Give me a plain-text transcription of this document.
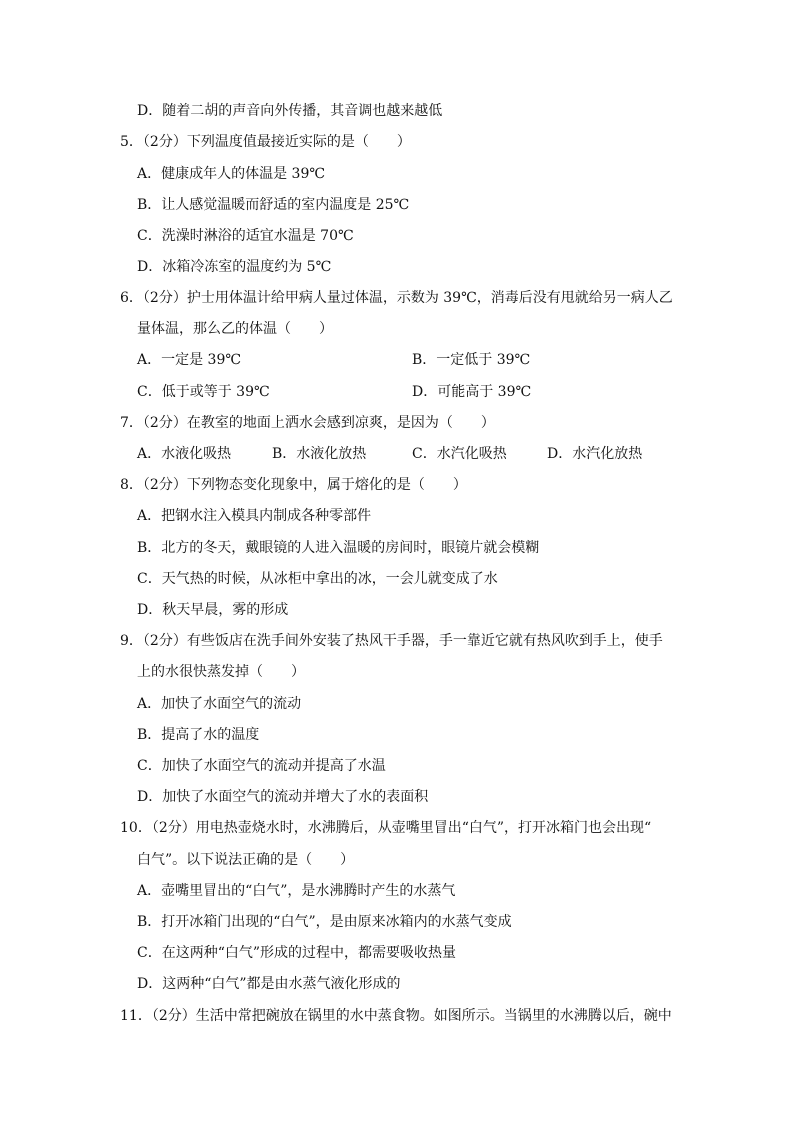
D．随着二胡的声音向外传播，其音调也越来越低
5．（2分）下列温度值最接近实际的是（　　）
A．健康成年人的体温是 39℃
B．让人感觉温暖而舒适的室内温度是 25℃
C．洗澡时淋浴的适宜水温是 70℃
D．冰箱冷冻室的温度约为 5℃
6．（2分）护士用体温计给甲病人量过体温，示数为 39℃，消毒后没有甩就给另一病人乙
量体温，那么乙的体温（　　）
A．一定是 39℃	B．一定低于 39℃
C．低于或等于 39℃	D．可能高于 39℃
7．（2分）在教室的地面上洒水会感到凉爽，是因为（　　）
A．水液化吸热	B．水液化放热	C．水汽化吸热	D．水汽化放热
8．（2分）下列物态变化现象中，属于熔化的是（　　）
A．把钢水注入模具内制成各种零部件
B．北方的冬天，戴眼镜的人进入温暖的房间时，眼镜片就会模糊
C．天气热的时候，从冰柜中拿出的冰，一会儿就变成了水
D．秋天早晨，雾的形成
9．（2分）有些饭店在洗手间外安装了热风干手器，手一靠近它就有热风吹到手上，使手
上的水很快蒸发掉（　　）
A．加快了水面空气的流动
B．提高了水的温度
C．加快了水面空气的流动并提高了水温
D．加快了水面空气的流动并增大了水的表面积
10．（2分）用电热壶烧水时，水沸腾后，从壶嘴里冒出“白气”，打开冰箱门也会出现“
白气”。以下说法正确的是（　　）
A．壶嘴里冒出的“白气”，是水沸腾时产生的水蒸气
B．打开冰箱门出现的“白气”，是由原来冰箱内的水蒸气变成
C．在这两种“白气”形成的过程中，都需要吸收热量
D．这两种“白气”都是由水蒸气液化形成的
11．（2分）生活中常把碗放在锅里的水中蒸食物。如图所示。当锅里的水沸腾以后，碗中
